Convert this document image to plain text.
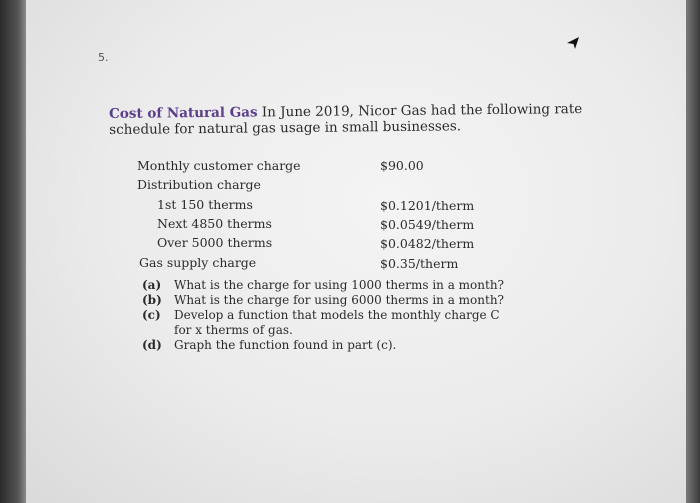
5.
Cost of Natural Gas In June 2019, Nicor Gas had the following rate schedule for natural gas usage in small businesses.
Monthly customer charge	$90.00
Distribution charge
1st 150 therms	$0.1201/therm
Next 4850 therms	$0.0549/therm
Over 5000 therms	$0.0482/therm
Gas supply charge	$0.35/therm
(a) What is the charge for using 1000 therms in a month?
(b) What is the charge for using 6000 therms in a month?
(c) Develop a function that models the monthly charge C
for x therms of gas.
(d) Graph the function found in part (c).
